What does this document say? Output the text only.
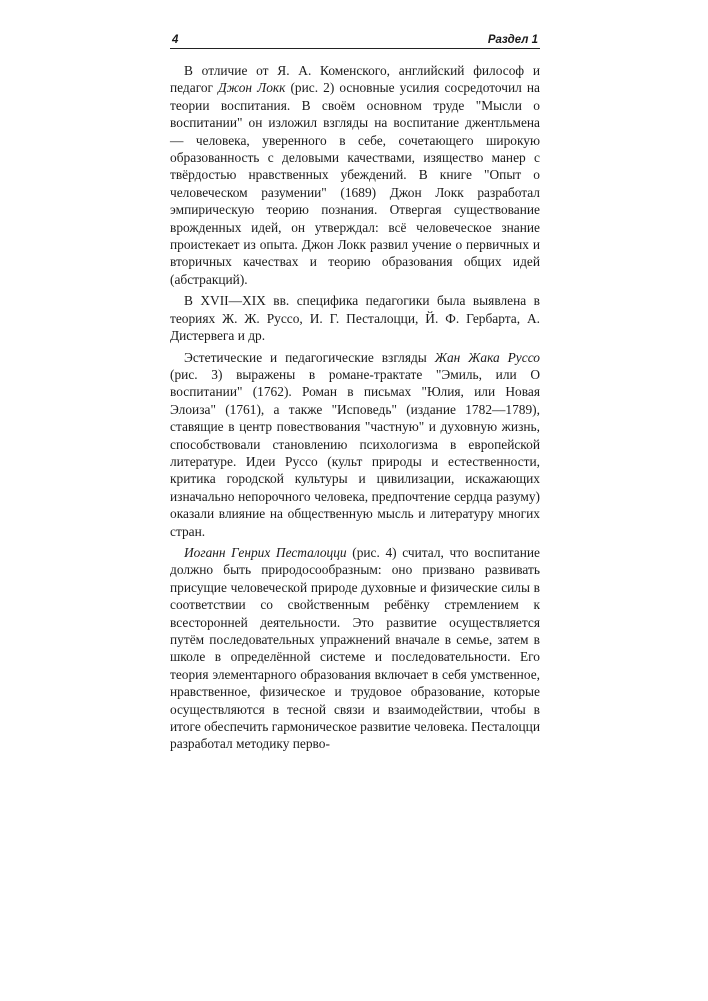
4	Раздел 1

В отличие от Я. А. Коменского, английский философ и педагог Джон Локк (рис. 2) основные усилия сосредоточил на теории воспитания. В своём основном труде "Мысли о воспитании" он изложил взгляды на воспитание джентльмена — человека, уверенного в себе, сочетающего широкую образованность с деловыми качествами, изящество манер с твёрдостью нравственных убеждений. В книге "Опыт о человеческом разумении" (1689) Джон Локк разработал эмпирическую теорию познания. Отвергая существование врожденных идей, он утверждал: всё человеческое знание проистекает из опыта. Джон Локк развил учение о первичных и вторичных качествах и теорию образования общих идей (абстракций).

В XVII—XIX вв. специфика педагогики была выявлена в теориях Ж. Ж. Руссо, И. Г. Песталоцци, Й. Ф. Гербарта, А. Дистервега и др.

Эстетические и педагогические взгляды Жан Жака Руссо (рис. 3) выражены в романе-трактате "Эмиль, или О воспитании" (1762). Роман в письмах "Юлия, или Новая Элоиза" (1761), а также "Исповедь" (издание 1782—1789), ставящие в центр повествования "частную" и духовную жизнь, способствовали становлению психологизма в европейской литературе. Идеи Руссо (культ природы и естественности, критика городской культуры и цивилизации, искажающих изначально непорочного человека, предпочтение сердца разуму) оказали влияние на общественную мысль и литературу многих стран.

Иоганн Генрих Песталоцци (рис. 4) считал, что воспитание должно быть природосообразным: оно призвано развивать присущие человеческой природе духовные и физические силы в соответствии со свойственным ребёнку стремлением к всесторонней деятельности. Это развитие осуществляется путём последовательных упражнений вначале в семье, затем в школе в определённой системе и последовательности. Его теория элементарного образования включает в себя умственное, нравственное, физическое и трудовое образование, которые осуществляются в тесной связи и взаимодействии, чтобы в итоге обеспечить гармоническое развитие человека. Песталоцци разработал методику перво-
